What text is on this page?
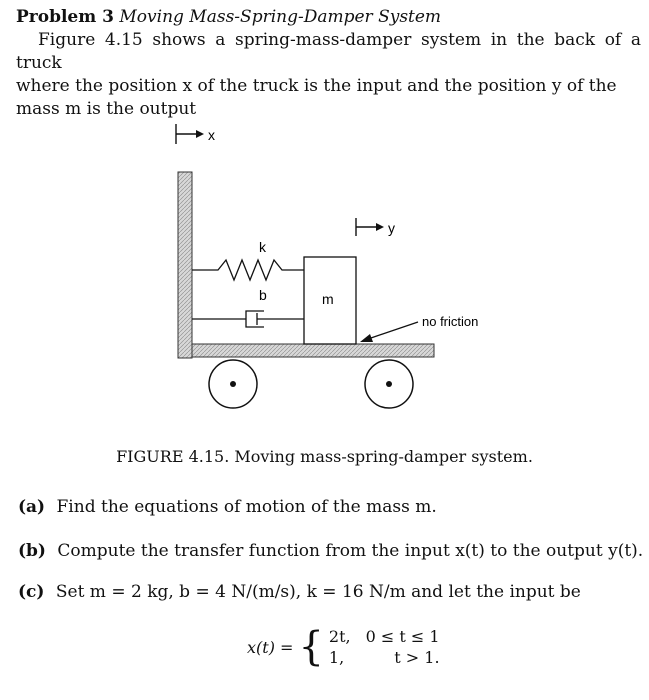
Problem 3 Moving Mass-Spring-Damper System
Figure 4.15 shows a spring-mass-damper system in the back of a truck
where the position x of the truck is the input and the position y of the
mass m is the output
x
k
b	m
y
no friction
FIGURE 4.15. Moving mass-spring-damper system.
(a) Find the equations of motion of the mass m.
(b) Compute the transfer function from the input x(t) to the output y(t).
(c) Set m = 2 kg, b = 4 N/(m/s), k = 16 N/m and let the input be
x(t) =	{	2t,	0 ≤ t ≤ 1
		1,	t > 1.
